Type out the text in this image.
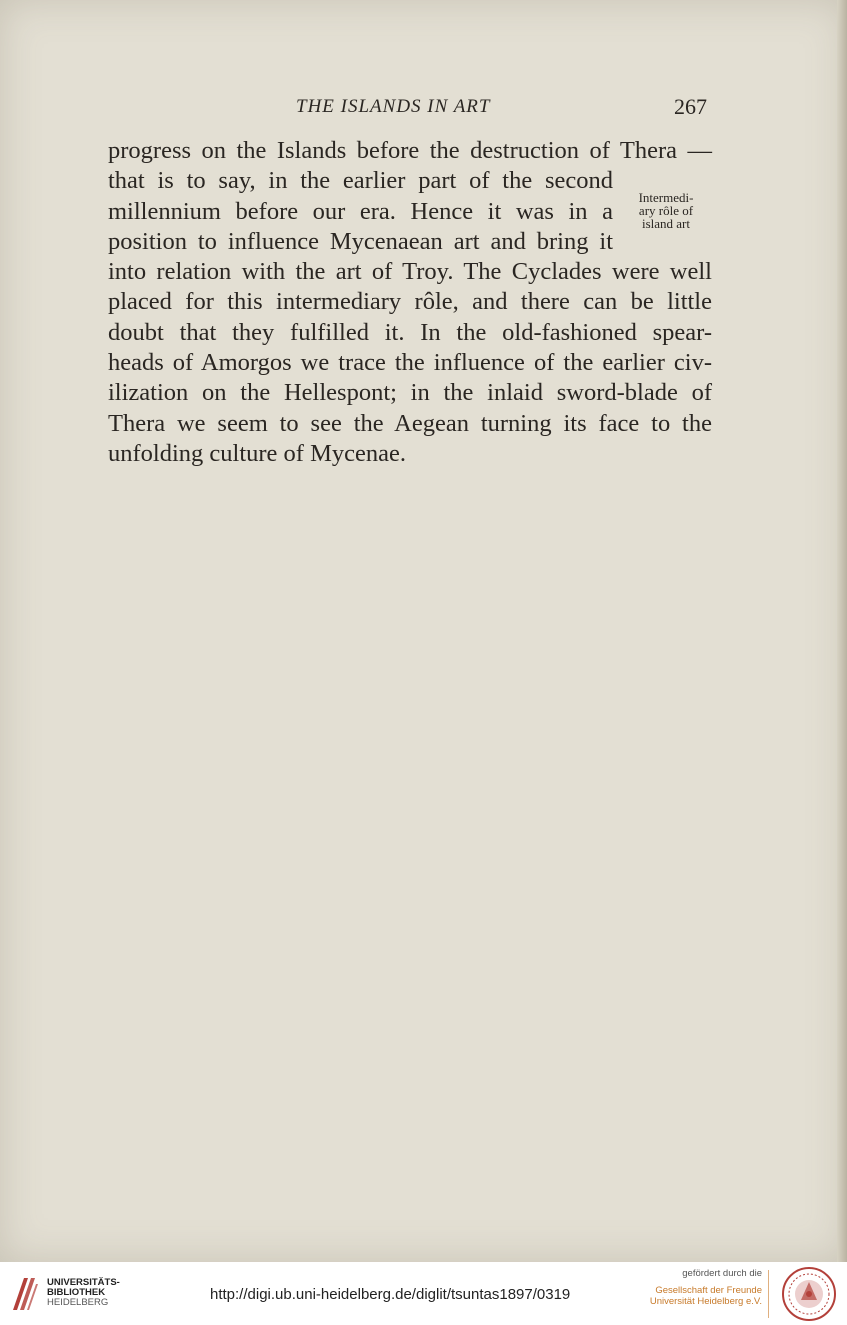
THE ISLANDS IN ART	267
progress on the Islands before the destruction of Thera —
that is to say, in the earlier part of the second
millennium before our era. Hence it was in a
position to influence Mycenaean art and bring it
into relation with the art of Troy. The Cyclades were well
placed for this intermediary rôle, and there can be little
doubt that they fulfilled it. In the old-fashioned spear-
heads of Amorgos we trace the influence of the earlier civ-
ilization on the Hellespont; in the inlaid sword-blade of
Thera we seem to see the Aegean turning its face to the
unfolding culture of Mycenae.
Intermedi-
ary rôle of
island art
UNIVERSITÄTS-
BIBLIOTHEK
HEIDELBERG	http://digi.ub.uni-heidelberg.de/diglit/tsuntas1897/0319
gefördert durch die
Gesellschaft der Freunde
Universität Heidelberg e.V.
